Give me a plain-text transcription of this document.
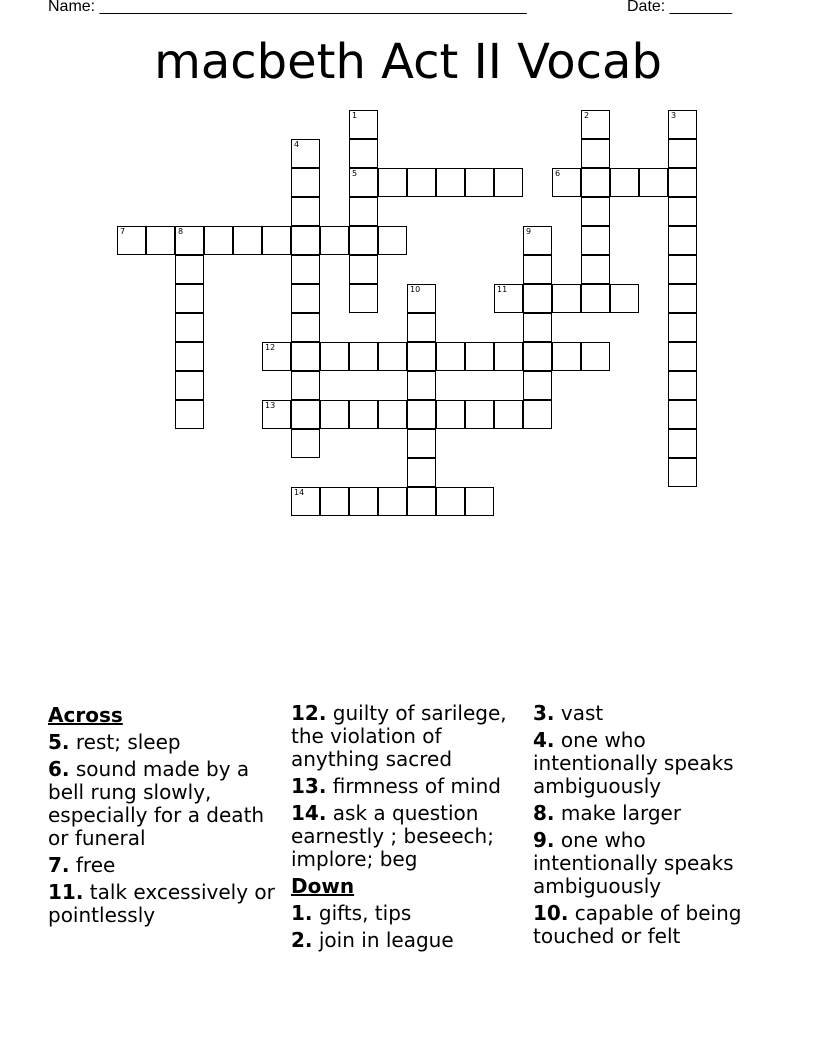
Name: ________________________________________________	Date: _______
macbeth Act II Vocab
1
5
2	3
4
6
7	8	9
10	11
12
13
14
Across
5. rest; sleep
6. sound made by a bell rung slowly, especially for a death or funeral
7. free
11. talk excessively or pointlessly
12. guilty of sarilege, the violation of anything sacred
13. firmness of mind
14. ask a question earnestly ; beseech; implore; beg
Down
1. gifts, tips
2. join in league
3. vast
4. one who intentionally speaks ambiguously
8. make larger
9. one who intentionally speaks ambiguously
10. capable of being touched or felt
